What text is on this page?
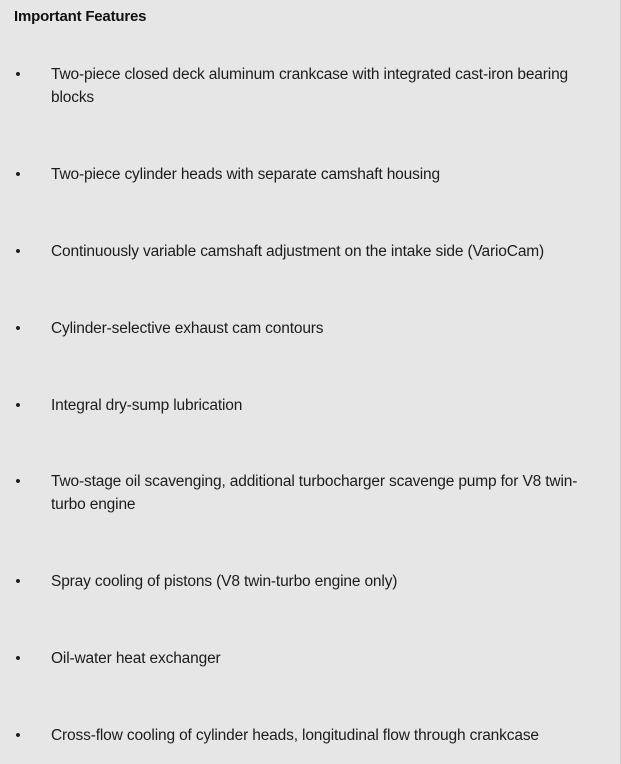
Important Features
• Two-piece closed deck aluminum crankcase with integrated cast-iron bearing blocks
• Two-piece cylinder heads with separate camshaft housing
• Continuously variable camshaft adjustment on the intake side (VarioCam)
• Cylinder-selective exhaust cam contours
• Integral dry-sump lubrication
• Two-stage oil scavenging, additional turbocharger scavenge pump for V8 twin-turbo engine
• Spray cooling of pistons (V8 twin-turbo engine only)
• Oil-water heat exchanger
• Cross-flow cooling of cylinder heads, longitudinal flow through crankcase
